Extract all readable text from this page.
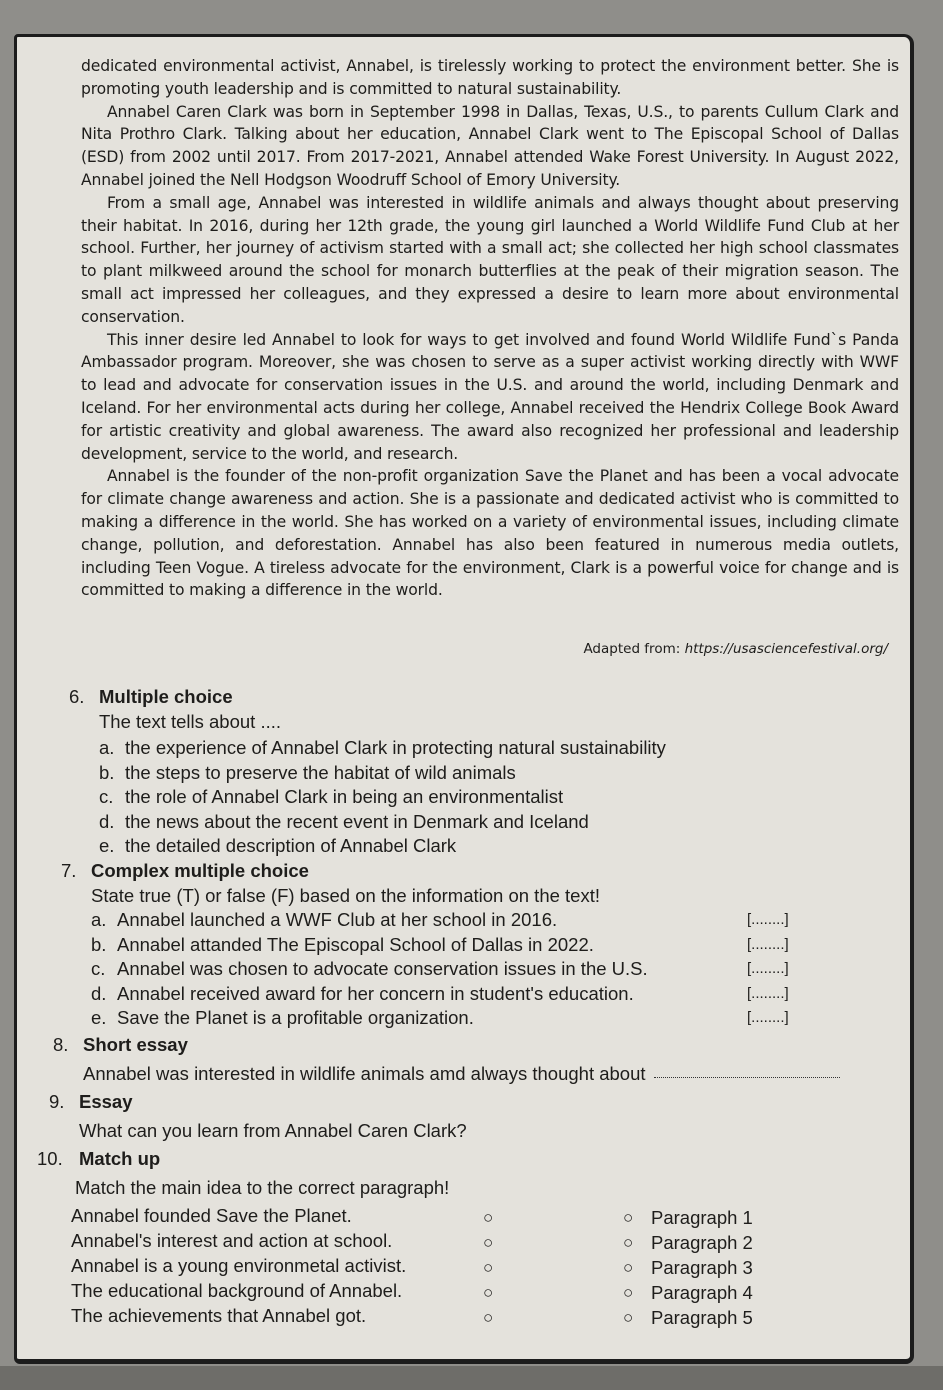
dedicated environmental activist, Annabel, is tirelessly working to protect the environment better. She is promoting youth leadership and is committed to natural sustainability.

Annabel Caren Clark was born in September 1998 in Dallas, Texas, U.S., to parents Cullum Clark and Nita Prothro Clark. Talking about her education, Annabel Clark went to The Episcopal School of Dallas (ESD) from 2002 until 2017. From 2017-2021, Annabel attended Wake Forest University. In August 2022, Annabel joined the Nell Hodgson Woodruff School of Emory University.

From a small age, Annabel was interested in wildlife animals and always thought about preserving their habitat. In 2016, during her 12th grade, the young girl launched a World Wildlife Fund Club at her school. Further, her journey of activism started with a small act; she collected her high school classmates to plant milkweed around the school for monarch butterflies at the peak of their migration season. The small act impressed her colleagues, and they expressed a desire to learn more about environmental conservation.

This inner desire led Annabel to look for ways to get involved and found World Wildlife Fund`s Panda Ambassador program. Moreover, she was chosen to serve as a super activist working directly with WWF to lead and advocate for conservation issues in the U.S. and around the world, including Denmark and Iceland. For her environmental acts during her college, Annabel received the Hendrix College Book Award for artistic creativity and global awareness. The award also recognized her professional and leadership development, service to the world, and research.

Annabel is the founder of the non-profit organization Save the Planet and has been a vocal advocate for climate change awareness and action. She is a passionate and dedicated activist who is committed to making a difference in the world. She has worked on a variety of environmental issues, including climate change, pollution, and deforestation. Annabel has also been featured in numerous media outlets, including Teen Vogue. A tireless advocate for the environment, Clark is a powerful voice for change and is committed to making a difference in the world.

Adapted from: https://usasciencefestival.org/
6. Multiple choice
The text tells about ....
a. the experience of Annabel Clark in protecting natural sustainability
b. the steps to preserve the habitat of wild animals
c. the role of Annabel Clark in being an environmentalist
d. the news about the recent event in Denmark and Iceland
e. the detailed description of Annabel Clark
7. Complex multiple choice
State true (T) or false (F) based on the information on the text!
a. Annabel launched a WWF Club at her school in 2016.	[........]
b. Annabel attanded The Episcopal School of Dallas in 2022.	[........]
c. Annabel was chosen to advocate conservation issues in the U.S.	[........]
d. Annabel received award for her concern in student's education.	[........]
e. Save the Planet is a profitable organization.	[........]
8. Short essay
Annabel was interested in wildlife animals amd always thought about
9. Essay
What can you learn from Annabel Caren Clark?
10. Match up
Match the main idea to the correct paragraph!
Annabel founded Save the Planet.	○	○ Paragraph 1
Annabel's interest and action at school.	○	○ Paragraph 2
Annabel is a young environmetal activist.	○	○ Paragraph 3
The educational background of Annabel.	○	○ Paragraph 4
The achievements that Annabel got.	○	○ Paragraph 5
